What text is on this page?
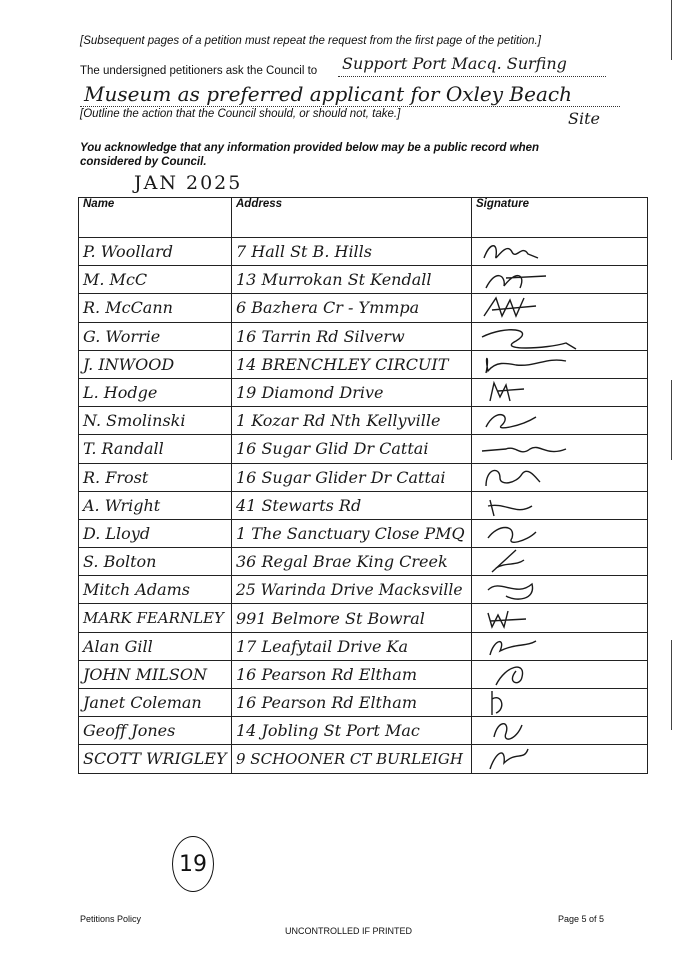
[Subsequent pages of a petition must repeat the request from the first page of the petition.]
The undersigned petitioners ask the Council to Support Port Macq. Surfing
Museum as preferred applicant for Oxley Beach
Site
[Outline the action that the Council should, or should not, take.]
You acknowledge that any information provided below may be a public record when considered by Council.
JAN 2025
Name	Address	Signature

P. Woollard	7 Hall St B. Hills	

M. McC	13 Murrokan St Kendall	

R. McCann	6 Bazhera Cr - Ymmpa	

G. Worrie	16 Tarrin Rd Silverw	

J. INWOOD	14 BRENCHLEY CIRCUIT	

L. Hodge	19 Diamond Drive	

N. Smolinski	1 Kozar Rd Nth Kellyville	

T. Randall	16 Sugar Glid Dr Cattai	

R. Frost	16 Sugar Glider Dr Cattai	

A. Wright	41 Stewarts Rd	

D. Lloyd	1 The Sanctuary Close PMQ	

S. Bolton	36 Regal Brae King Creek	

Mitch Adams	25 Warinda Drive Macksville	

MARK FEARNLEY	991 Belmore St Bowral	

Alan Gill	17 Leafytail Drive Ka	

JOHN MILSON	16 Pearson Rd Eltham	

Janet Coleman	16 Pearson Rd Eltham	

Geoff Jones	14 Jobling St Port Mac	

SCOTT WRIGLEY	9 SCHOONER CT BURLEIGH	
19
Petitions Policy
UNCONTROLLED IF PRINTED
Page 5 of 5
